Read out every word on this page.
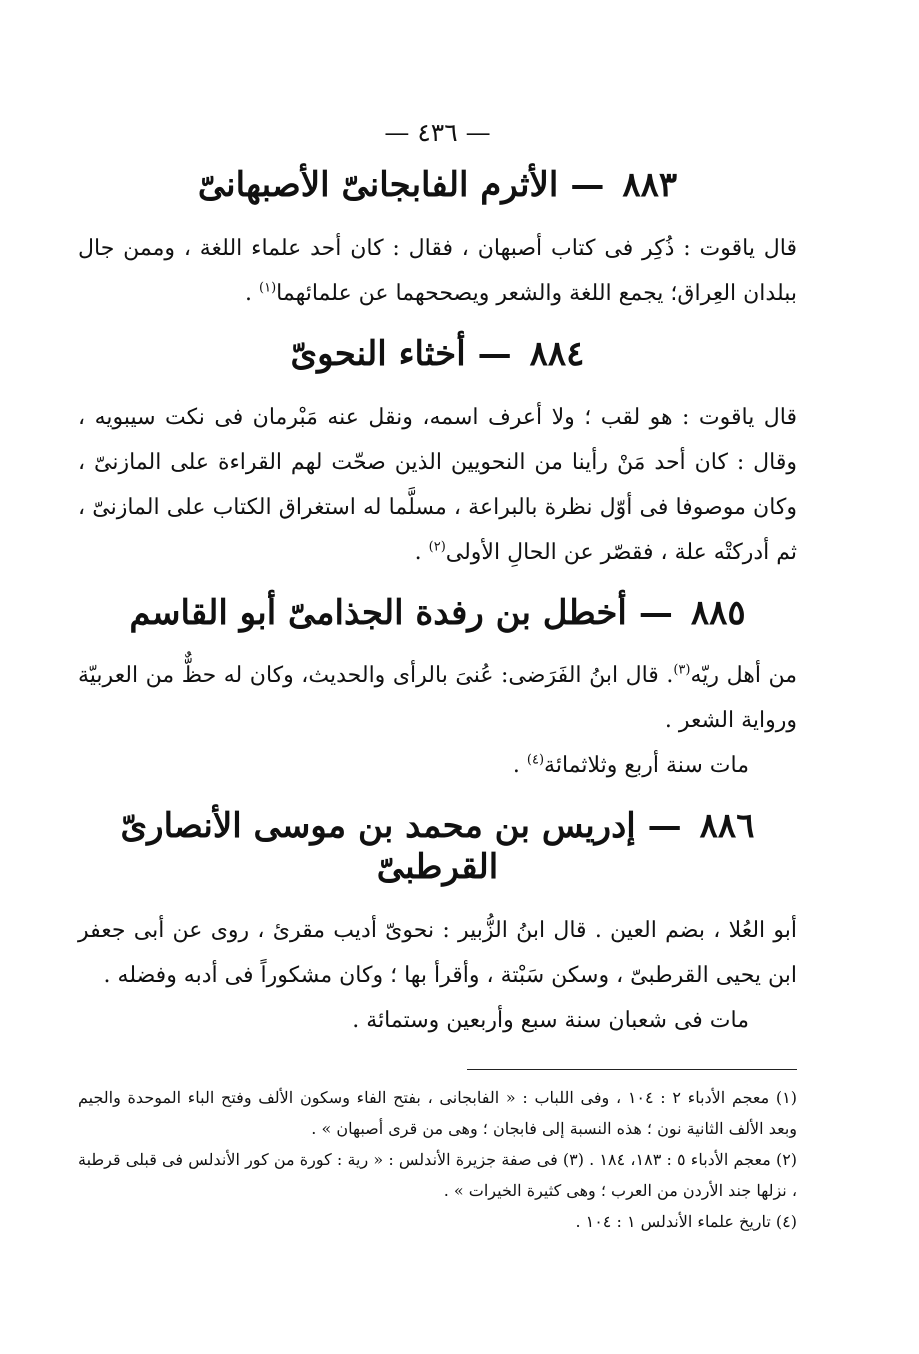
— ٤٣٦ —
٨٨٣—الأثرم الفابجانىّ الأصبهانىّ

قال ياقوت : ذُكِر فى كتاب أصبهان ، فقال : كان أحد علماء اللغة ، وممن جال ببلدان العِراق؛ يجمع اللغة والشعر ويصححهما عن علمائهما$^{(١)}$ .

٨٨٤—أخثاء النحوىّ

قال ياقوت : هو لقب ؛ ولا أعرف اسمه، ونقل عنه مَبْرمان فى نكت سيبويه ، وقال : كان أحد مَنْ رأينا من النحويين الذين صحّت لهم القراءة على المازنىّ ، وكان موصوفا فى أوّل نظرة بالبراعة ، مسلَّما له استغراق الكتاب على المازنىّ ، ثم أدركتْه علة ، فقصّر عن الحالِ الأولى$^{(٢)}$ .

٨٨٥—أخطل بن رفدة الجذامىّ أبو القاسم

من أهل ريّه$^{(٣)}$. قال ابنُ الفَرَضى: عُنىَ بالرأى والحديث، وكان له حظٌّ من العربيّة ورواية الشعر .

مات سنة أربع وثلاثمائة$^{(٤)}$ .

٨٨٦—إدريس بن محمد بن موسى الأنصارىّ القرطبىّ

أبو العُلا ، بضم العين . قال ابنُ الزُّبير : نحوىّ أديب مقرئ ، روى عن أبى جعفر ابن يحيى القرطبىّ ، وسكن سَبْتة ، وأقرأ بها ؛ وكان مشكوراً فى أدبه وفضله .

مات فى شعبان سنة سبع وأربعين وستمائة .

(١) معجم الأدباء ٢ : ١٠٤ ، وفى اللباب : « الفابجانى ، بفتح الفاء وسكون الألف وفتح الباء الموحدة والجيم وبعد الألف الثانية نون ؛ هذه النسبة إلى فابجان ؛ وهى من قرى أصبهان » .

(٢) معجم الأدباء ٥ : ١٨٣، ١٨٤ . (٣) فى صفة جزيرة الأندلس : « رية : كورة من كور الأندلس فى قبلى قرطبة ، نزلها جند الأردن من العرب ؛ وهى كثيرة الخيرات » .

(٤) تاريخ علماء الأندلس ١ : ١٠٤ .
